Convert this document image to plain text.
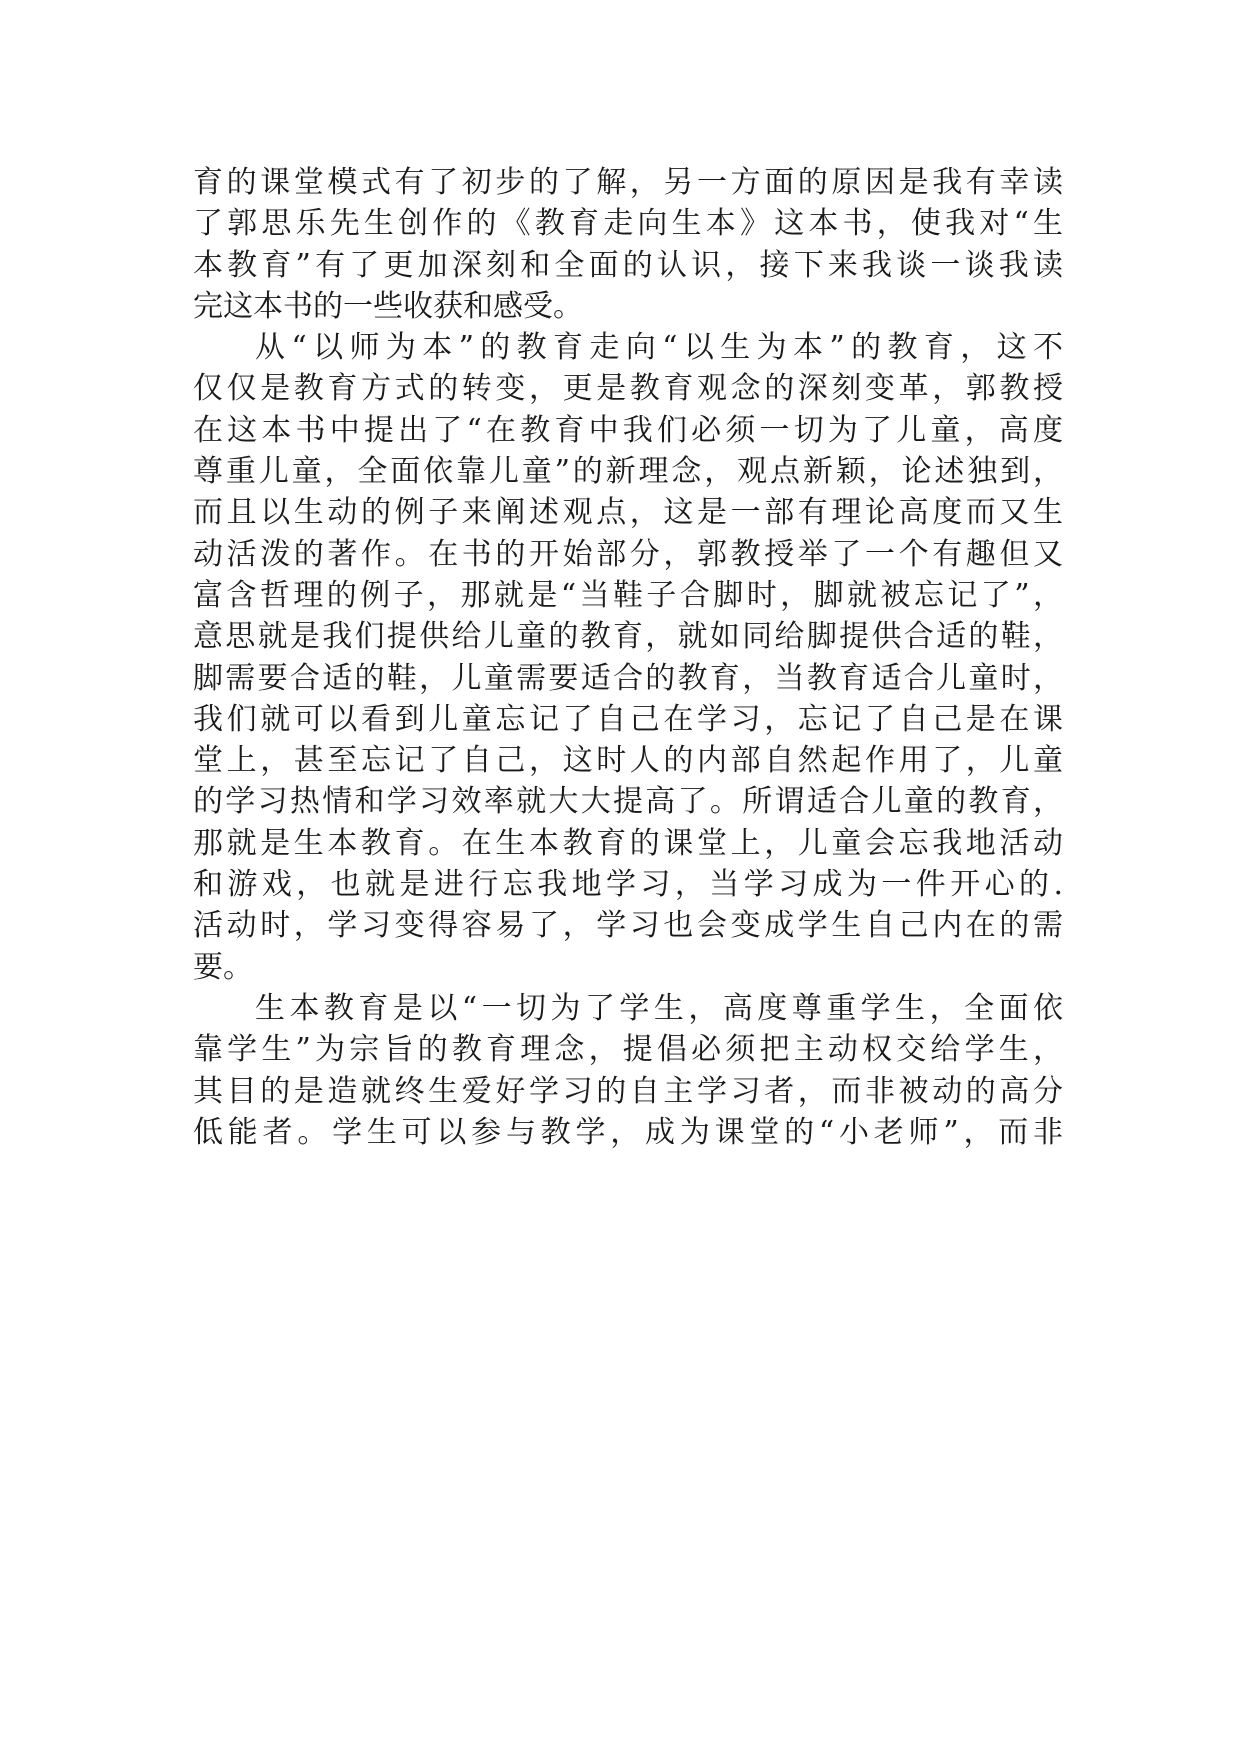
育的课堂模式有了初步的了解，另一方面的原因是我有幸读
了郭思乐先生创作的《教育走向生本》这本书，使我对“生
本教育”有了更加深刻和全面的认识，接下来我谈一谈我读
完这本书的一些收获和感受。
从“以师为本”的教育走向“以生为本”的教育，这不
仅仅是教育方式的转变，更是教育观念的深刻变革，郭教授
在这本书中提出了“在教育中我们必须一切为了儿童，高度
尊重儿童，全面依靠儿童”的新理念，观点新颖，论述独到，
而且以生动的例子来阐述观点，这是一部有理论高度而又生
动活泼的著作。在书的开始部分，郭教授举了一个有趣但又
富含哲理的例子，那就是“当鞋子合脚时，脚就被忘记了”，
意思就是我们提供给儿童的教育，就如同给脚提供合适的鞋，
脚需要合适的鞋，儿童需要适合的教育，当教育适合儿童时，
我们就可以看到儿童忘记了自己在学习，忘记了自己是在课
堂上，甚至忘记了自己，这时人的内部自然起作用了，儿童
的学习热情和学习效率就大大提高了。所谓适合儿童的教育，
那就是生本教育。在生本教育的课堂上，儿童会忘我地活动
和游戏，也就是进行忘我地学习，当学习成为一件开心的.
活动时，学习变得容易了，学习也会变成学生自己内在的需
要。
生本教育是以“一切为了学生，高度尊重学生，全面依
靠学生”为宗旨的教育理念，提倡必须把主动权交给学生，
其目的是造就终生爱好学习的自主学习者，而非被动的高分
低能者。学生可以参与教学，成为课堂的“小老师”，而非
